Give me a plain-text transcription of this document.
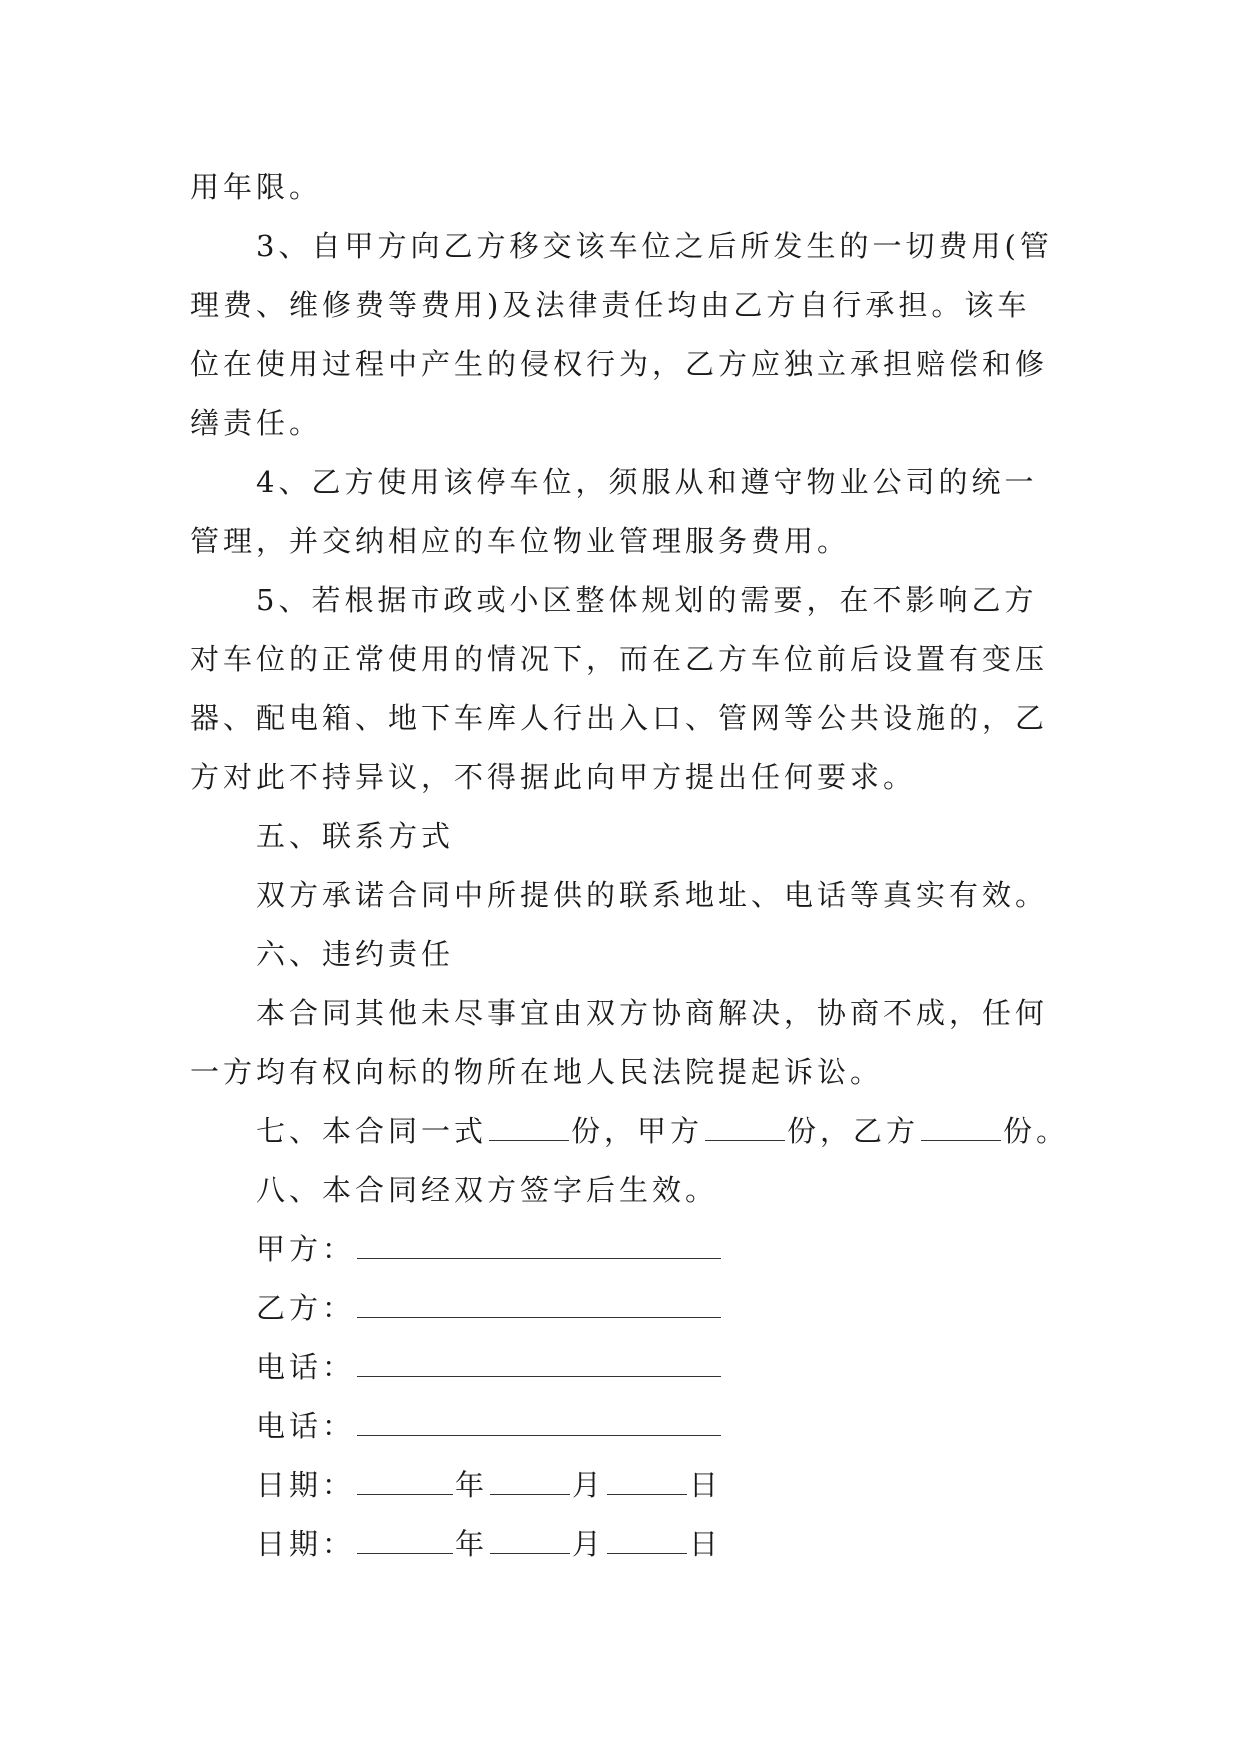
用年限。

3、自甲方向乙方移交该车位之后所发生的一切费用(管

理费、维修费等费用)及法律责任均由乙方自行承担。该车

位在使用过程中产生的侵权行为，乙方应独立承担赔偿和修

缮责任。

4、乙方使用该停车位，须服从和遵守物业公司的统一

管理，并交纳相应的车位物业管理服务费用。

5、若根据市政或小区整体规划的需要，在不影响乙方

对车位的正常使用的情况下，而在乙方车位前后设置有变压

器、配电箱、地下车库人行出入口、管网等公共设施的，乙

方对此不持异议，不得据此向甲方提出任何要求。

五、联系方式

双方承诺合同中所提供的联系地址、电话等真实有效。

六、违约责任

本合同其他未尽事宜由双方协商解决，协商不成，任何

一方均有权向标的物所在地人民法院提起诉讼。

七、本合同一式	份，甲方	份，乙方	份。

八、本合同经双方签字后生效。

甲方：

乙方：

电话：

电话：

日期：	年	月	日

日期：	年	月	日
